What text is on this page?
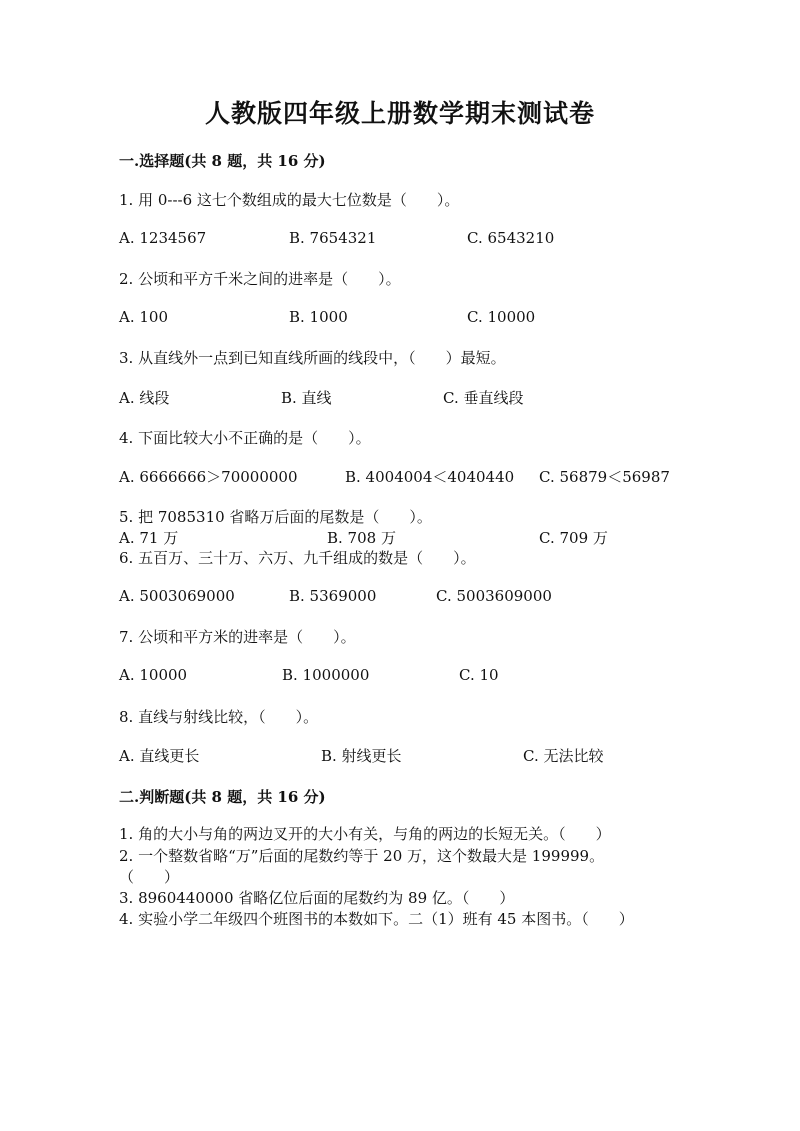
人教版四年级上册数学期末测试卷
一.选择题(共 8 题，共 16 分)
1. 用 0---6 这七个数组成的最大七位数是（　　）。
A. 1234567	B. 7654321	C. 6543210
2. 公顷和平方千米之间的进率是（　　）。
A. 100	B. 1000	C. 10000
3. 从直线外一点到已知直线所画的线段中，（　　）最短。
A. 线段	B. 直线	C. 垂直线段
4. 下面比较大小不正确的是（　　）。
A. 6666666＞70000000	B. 4004004＜4040440 C. 56879＜56987
5. 把 7085310 省略万后面的尾数是（　　）。
A. 71 万	B. 708 万	C. 709 万
6. 五百万、三十万、六万、九千组成的数是（　　）。
A. 5003069000	B. 5369000	C. 5003609000
7. 公顷和平方米的进率是（　　）。
A. 10000	B. 1000000	C. 10
8. 直线与射线比较，（　　）。
A. 直线更长	B. 射线更长	C. 无法比较
二.判断题(共 8 题，共 16 分)
1. 角的大小与角的两边叉开的大小有关，与角的两边的长短无关。（　　）
2. 一个整数省略“万”后面的尾数约等于 20 万，这个数最大是 199999。
（　　）
3. 8960440000 省略亿位后面的尾数约为 89 亿。（　　）
4. 实验小学二年级四个班图书的本数如下。二（1）班有 45 本图书。（　　）
